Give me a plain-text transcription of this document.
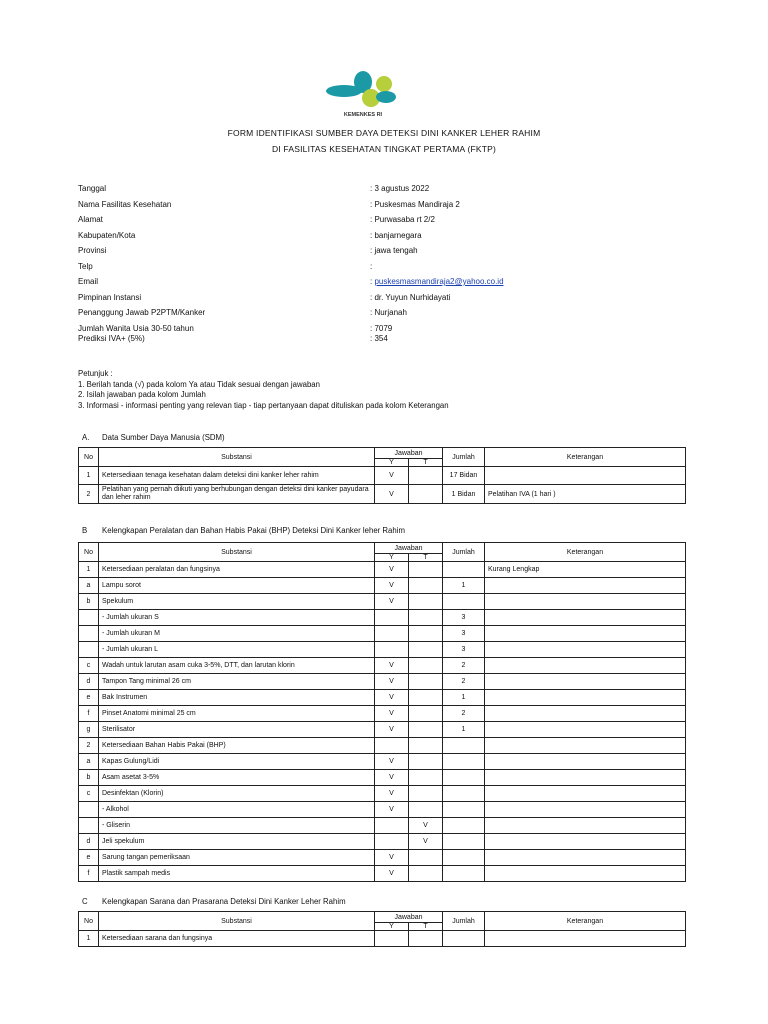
KEMENKES RI
FORM IDENTIFIKASI SUMBER DAYA DETEKSI DINI KANKER LEHER RAHIM
DI FASILITAS KESEHATAN TINGKAT PERTAMA (FKTP)
Tanggal	: 3 agustus 2022
Nama Fasilitas Kesehatan	: Puskesmas Mandiraja 2
Alamat	: Purwasaba rt 2/2
Kabupaten/Kota	: banjarnegara
Provinsi	: jawa tengah
Telp	:
Email	: puskesmasmandiraja2@yahoo.co.id
Pimpinan Instansi	: dr. Yuyun Nurhidayati
Penanggung Jawab P2PTM/Kanker	: Nurjanah
Jumlah Wanita Usia 30-50 tahun	: 7079
Prediksi IVA+ (5%)	: 354
Petunjuk :
1. Berilah tanda (√) pada kolom Ya atau Tidak sesuai dengan jawaban
2. Isilah jawaban pada kolom Jumlah
3. Informasi - informasi penting yang relevan tiap - tiap pertanyaan dapat dituliskan pada kolom Keterangan
A. Data Sumber Daya Manusia (SDM)
No	Substansi	Jawaban		Jumlah	Keterangan
		Y	T		
1	Ketersediaan tenaga kesehatan dalam deteksi dini kanker leher rahim	V		17 Bidan	
2	Pelatihan yang pernah diikuti yang berhubungan dengan deteksi dini kanker payudara dan leher rahim	V		1 Bidan	Pelatihan IVA (1 hari )
B Kelengkapan Peralatan dan Bahan Habis Pakai (BHP) Deteksi Dini Kanker leher Rahim
No	Substansi	Jawaban		Jumlah	Keterangan
		Y	T		
1	Ketersediaan peralatan dan fungsinya	V			Kurang Lengkap
a	Lampu sorot	V		1	
b	Spekulum	V			
	- Jumlah ukuran S			3	
	- Jumlah ukuran M			3	
	- Jumlah ukuran L			3	
c	Wadah untuk larutan asam cuka 3-5%, DTT, dan larutan klorin	V		2	
d	Tampon Tang minimal 26 cm	V		2	
e	Bak Instrumen	V		1	
f	Pinset Anatomi minimal 25 cm	V		2	
g	Sterilisator	V		1	
2	Ketersediaan Bahan Habis Pakai (BHP)				
a	Kapas Gulung/Lidi	V			
b	Asam asetat 3-5%	V			
c	Desinfektan (Klorin)	V			
	- Alkohol	V			
	- Gliserin		V		
d	Jeli spekulum		V		
e	Sarung tangan pemeriksaan	V			
f	Plastik sampah medis	V			
C Kelengkapan Sarana dan Prasarana Deteksi Dini Kanker Leher Rahim
No	Substansi	Jawaban		Jumlah	Keterangan
		Y	T		
1	Ketersediaan sarana dan fungsinya				
